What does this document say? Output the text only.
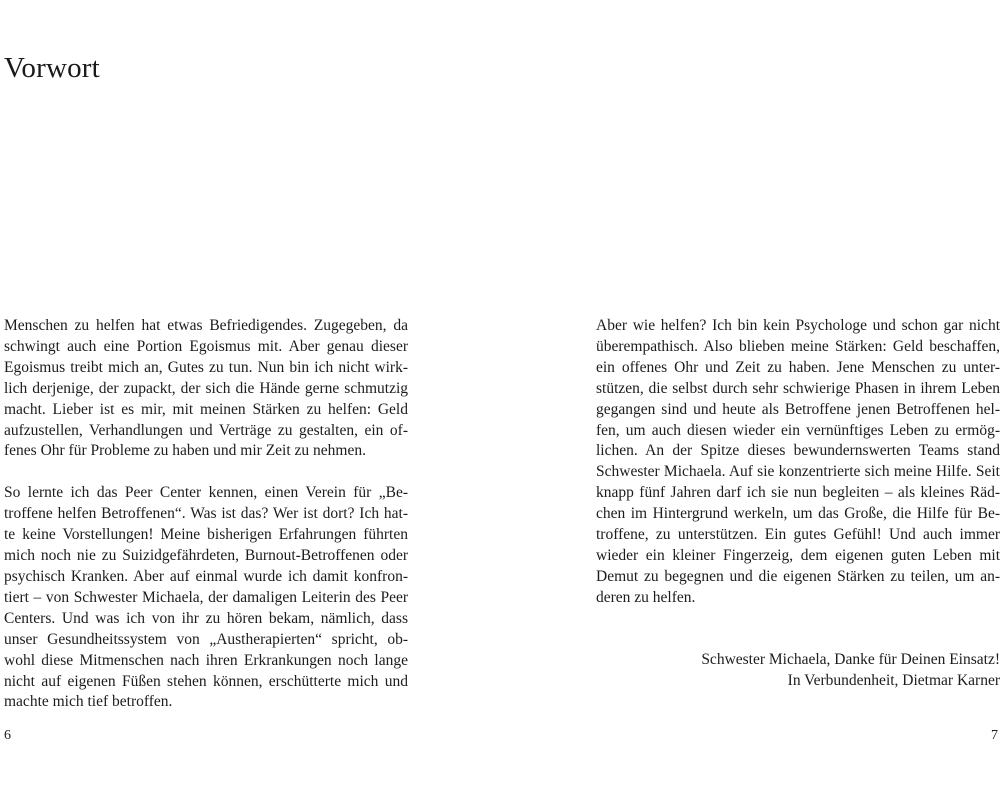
Vorwort

Menschen zu helfen hat etwas Befriedigendes. Zugegeben, da
schwingt auch eine Portion Egoismus mit. Aber genau dieser
Egoismus treibt mich an, Gutes zu tun. Nun bin ich nicht wirk-
lich derjenige, der zupackt, der sich die Hände gerne schmutzig
macht. Lieber ist es mir, mit meinen Stärken zu helfen: Geld
aufzustellen, Verhandlungen und Verträge zu gestalten, ein of-
fenes Ohr für Probleme zu haben und mir Zeit zu nehmen.

So lernte ich das Peer Center kennen, einen Verein für „Be-
troffene helfen Betroffenen“. Was ist das? Wer ist dort? Ich hat-
te keine Vorstellungen! Meine bisherigen Erfahrungen führten
mich noch nie zu Suizidgefährdeten, Burnout-Betroffenen oder
psychisch Kranken. Aber auf einmal wurde ich damit konfron-
tiert – von Schwester Michaela, der damaligen Leiterin des Peer
Centers. Und was ich von ihr zu hören bekam, nämlich, dass
unser Gesundheitssystem von „Austherapierten“ spricht, ob-
wohl diese Mitmenschen nach ihren Erkrankungen noch lange
nicht auf eigenen Füßen stehen können, erschütterte mich und
machte mich tief betroffen.

Aber wie helfen? Ich bin kein Psychologe und schon gar nicht
überempathisch. Also blieben meine Stärken: Geld beschaffen,
ein offenes Ohr und Zeit zu haben. Jene Menschen zu unter-
stützen, die selbst durch sehr schwierige Phasen in ihrem Leben
gegangen sind und heute als Betroffene jenen Betroffenen hel-
fen, um auch diesen wieder ein vernünftiges Leben zu ermög-
lichen. An der Spitze dieses bewundernswerten Teams stand
Schwester Michaela. Auf sie konzentrierte sich meine Hilfe. Seit
knapp fünf Jahren darf ich sie nun begleiten – als kleines Räd-
chen im Hintergrund werkeln, um das Große, die Hilfe für Be-
troffene, zu unterstützen. Ein gutes Gefühl! Und auch immer
wieder ein kleiner Fingerzeig, dem eigenen guten Leben mit
Demut zu begegnen und die eigenen Stärken zu teilen, um an-
deren zu helfen.

Schwester Michaela, Danke für Deinen Einsatz!
In Verbundenheit, Dietmar Karner
6	7
